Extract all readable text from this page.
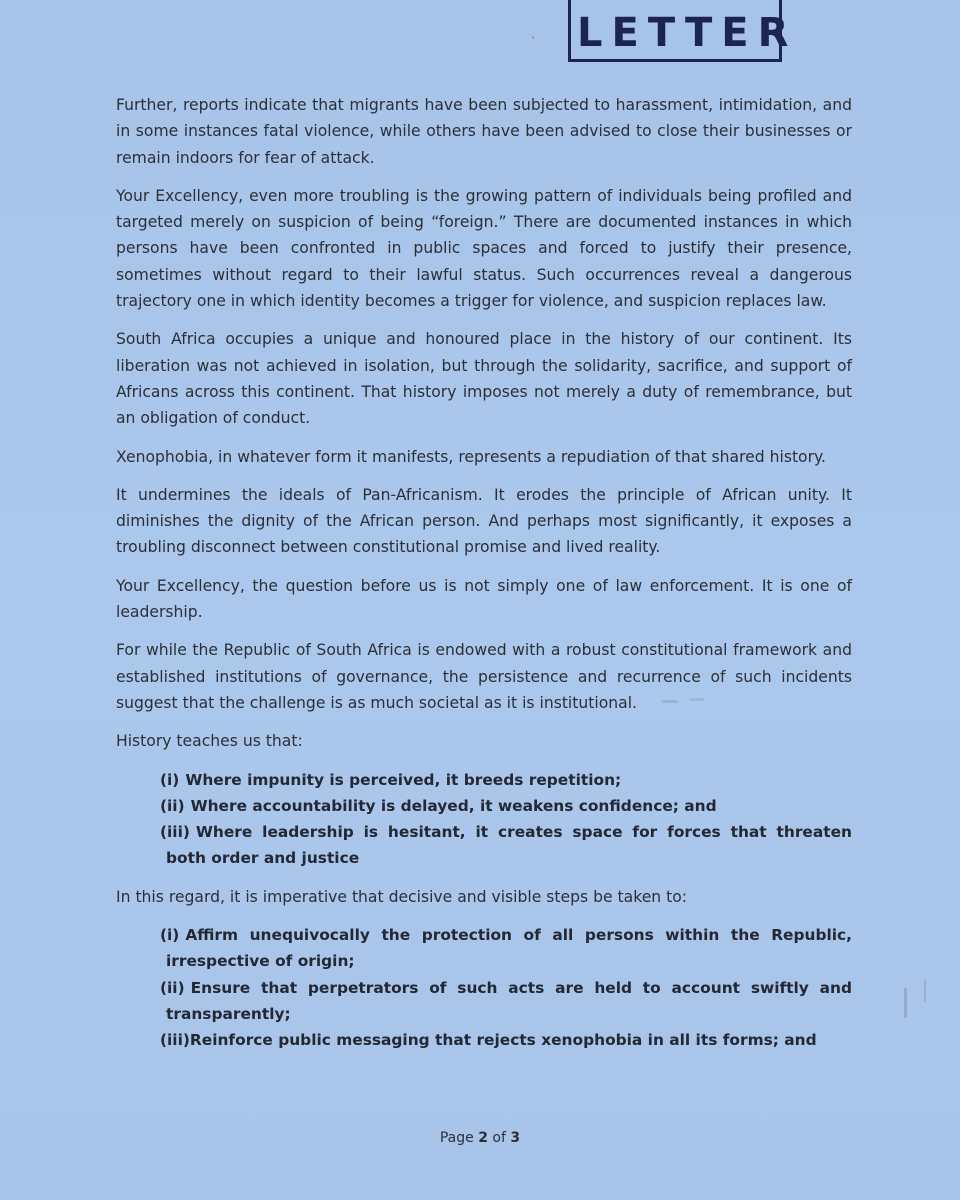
LETTER

Further, reports indicate that migrants have been subjected to harassment, intimidation, and in some instances fatal violence, while others have been advised to close their businesses or remain indoors for fear of attack.

Your Excellency, even more troubling is the growing pattern of individuals being profiled and targeted merely on suspicion of being “foreign.” There are documented instances in which persons have been confronted in public spaces and forced to justify their presence, sometimes without regard to their lawful status. Such occurrences reveal a dangerous trajectory one in which identity becomes a trigger for violence, and suspicion replaces law.

South Africa occupies a unique and honoured place in the history of our continent. Its liberation was not achieved in isolation, but through the solidarity, sacrifice, and support of Africans across this continent. That history imposes not merely a duty of remembrance, but an obligation of conduct.

Xenophobia, in whatever form it manifests, represents a repudiation of that shared history.

It undermines the ideals of Pan-Africanism. It erodes the principle of African unity. It diminishes the dignity of the African person. And perhaps most significantly, it exposes a troubling disconnect between constitutional promise and lived reality.

Your Excellency, the question before us is not simply one of law enforcement. It is one of leadership.

For while the Republic of South Africa is endowed with a robust constitutional framework and established institutions of governance, the persistence and recurrence of such incidents suggest that the challenge is as much societal as it is institutional.

History teaches us that:

(i) Where impunity is perceived, it breeds repetition;
(ii) Where accountability is delayed, it weakens confidence; and
(iii) Where leadership is hesitant, it creates space for forces that threaten both order and justice

In this regard, it is imperative that decisive and visible steps be taken to:

(i) Affirm unequivocally the protection of all persons within the Republic, irrespective of origin;
(ii) Ensure that perpetrators of such acts are held to account swiftly and transparently;
(iii)Reinforce public messaging that rejects xenophobia in all its forms; and
Page 2 of 3
